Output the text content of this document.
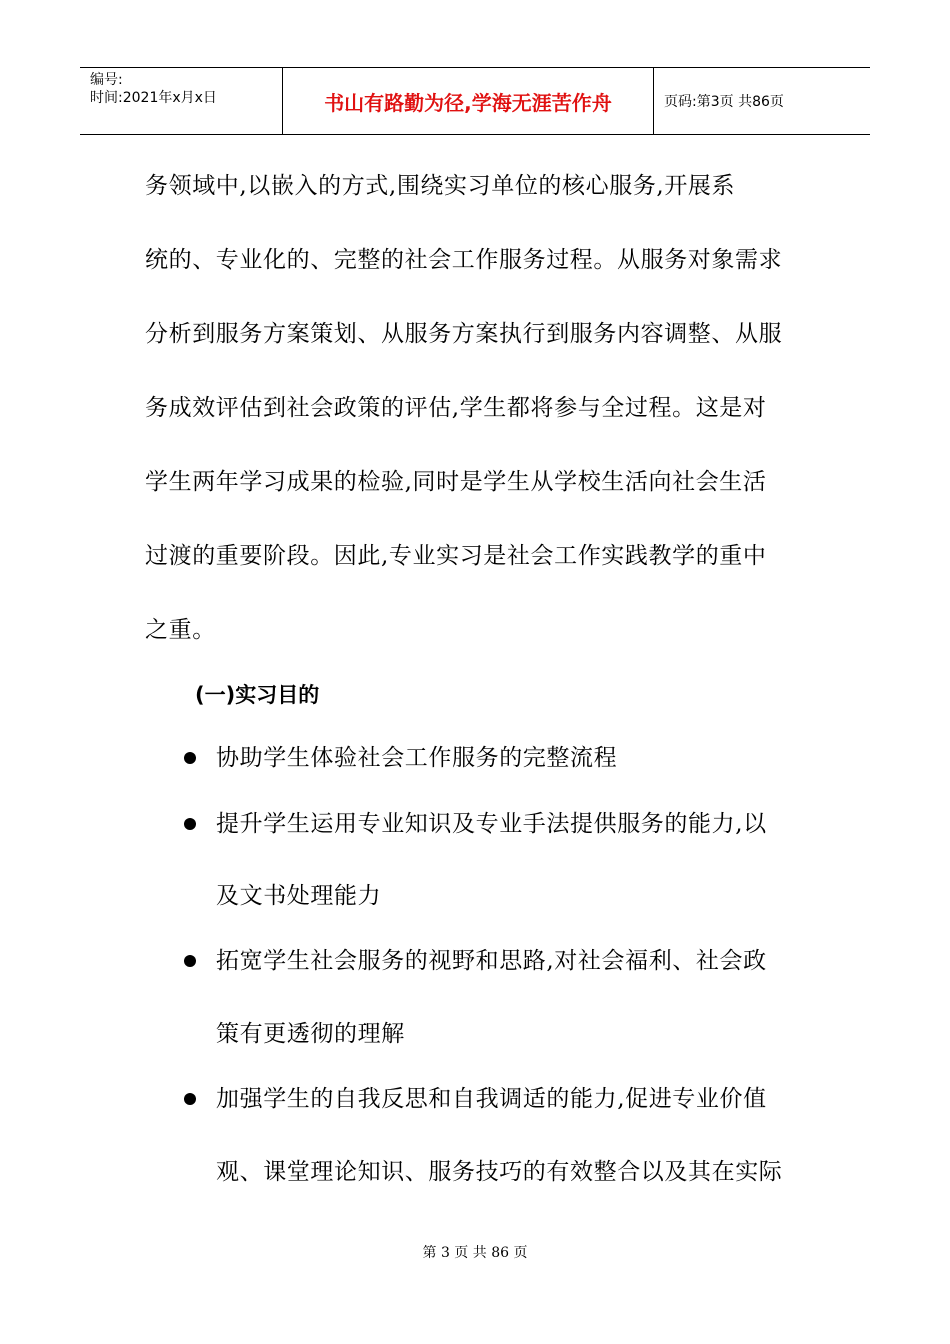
编号:
时间:2021年x月x日	书山有路勤为径,学海无涯苦作舟	页码:第3页 共86页
务领域中,以嵌入的方式,围绕实习单位的核心服务,开展系
统的、专业化的、完整的社会工作服务过程。从服务对象需求
分析到服务方案策划、从服务方案执行到服务内容调整、从服
务成效评估到社会政策的评估,学生都将参与全过程。这是对
学生两年学习成果的检验,同时是学生从学校生活向社会生活
过渡的重要阶段。因此,专业实习是社会工作实践教学的重中
之重。
(一)实习目的
协助学生体验社会工作服务的完整流程
提升学生运用专业知识及专业手法提供服务的能力,以
及文书处理能力
拓宽学生社会服务的视野和思路,对社会福利、社会政
策有更透彻的理解
加强学生的自我反思和自我调适的能力,促进专业价值
观、课堂理论知识、服务技巧的有效整合以及其在实际
第 3 页 共 86 页
